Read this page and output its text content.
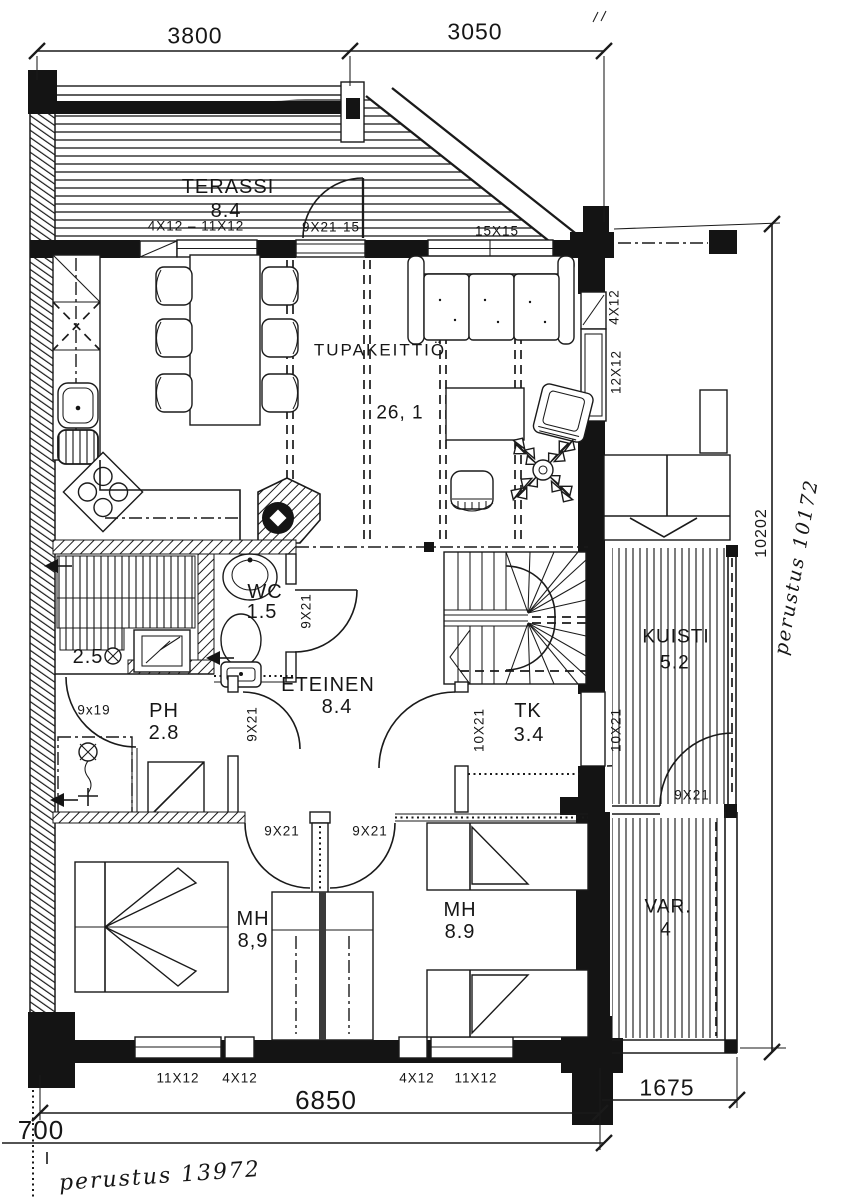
3800	3050
TERASSI
8.4
4X12 – 11X12	9X21-15	15X15
TUPAKEITTIÖ
26, 1
4X12
12X12
WC
1.5 9X21
2.5
ETEINEN
8.4
9X21
PH
2.8
9x19	TK
3.4
10X21	10X21
KUISTI
5.2
9X21
9X21	9X21
MH
8,9
MH
8.9
VAR.
4
11X12 4X12	4X12 11X12
6850	1675
700
10202 perustus 10172
perustus 13972
